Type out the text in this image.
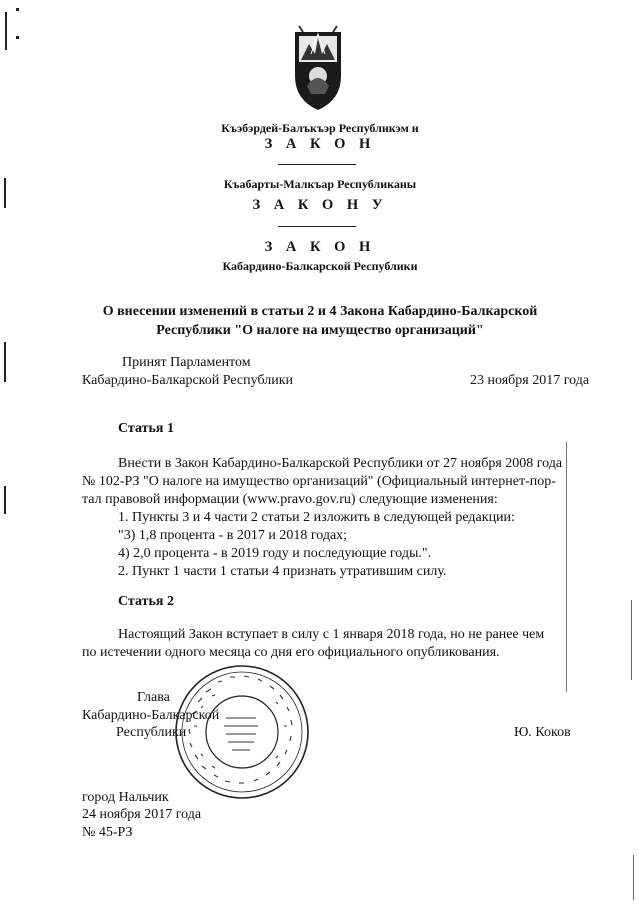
Къэбэрдей-Балъкъэр Республикэм и
З А К О Н
Къабарты-Малкъар Республиканы
З А К О Н У
З А К О Н
Кабардино-Балкарской Республики
О внесении изменений в статьи 2 и 4 Закона Кабардино-Балкарской
Республики "О налоге на имущество организаций"
Принят Парламентом
Кабардино-Балкарской Республики	23 ноября 2017 года
Статья 1
Внести в Закон Кабардино-Балкарской Республики от 27 ноября 2008 года
№ 102-РЗ "О налоге на имущество организаций" (Официальный интернет-пор-
тал правовой информации (www.pravo.gov.ru) следующие изменения:
1. Пункты 3 и 4 части 2 статьи 2 изложить в следующей редакции:
"3) 1,8 процента - в 2017 и 2018 годах;
4) 2,0 процента - в 2019 году и последующие годы.".
2. Пункт 1 части 1 статьи 4 признать утратившим силу.
Статья 2
Настоящий Закон вступает в силу с 1 января 2018 года, но не ранее чем
по истечении одного месяца со дня его официального опубликования.
Глава
Кабардино-Балкарской
Республики	Ю. Коков
город Нальчик
24 ноября 2017 года
№ 45-РЗ
